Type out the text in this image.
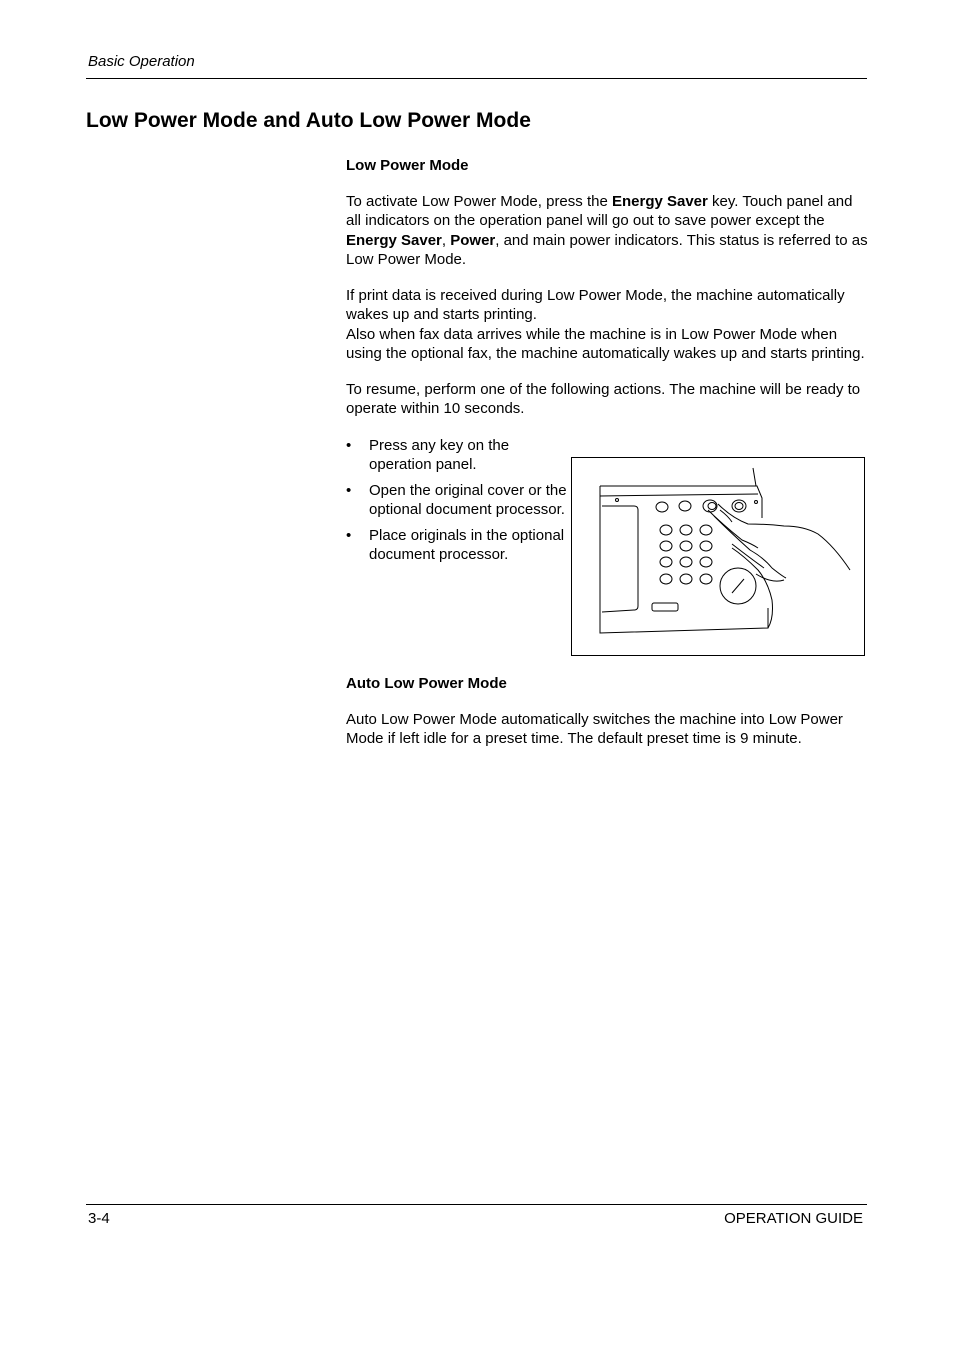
Basic Operation
Low Power Mode and Auto Low Power Mode

Low Power Mode

To activate Low Power Mode, press the Energy Saver key. Touch panel and all indicators on the operation panel will go out to save power except the Energy Saver, Power, and main power indicators. This status is referred to as Low Power Mode.

If print data is received during Low Power Mode, the machine automatically wakes up and starts printing.

Also when fax data arrives while the machine is in Low Power Mode when using the optional fax, the machine automatically wakes up and starts printing.

To resume, perform one of the following actions. The machine will be ready to operate within 10 seconds.

• Press any key on the operation panel.
• Open the original cover or the optional document processor.
• Place originals in the optional document processor.

Auto Low Power Mode

Auto Low Power Mode automatically switches the machine into Low Power Mode if left idle for a preset time. The default preset time is 9 minute.

3-4	OPERATION GUIDE
